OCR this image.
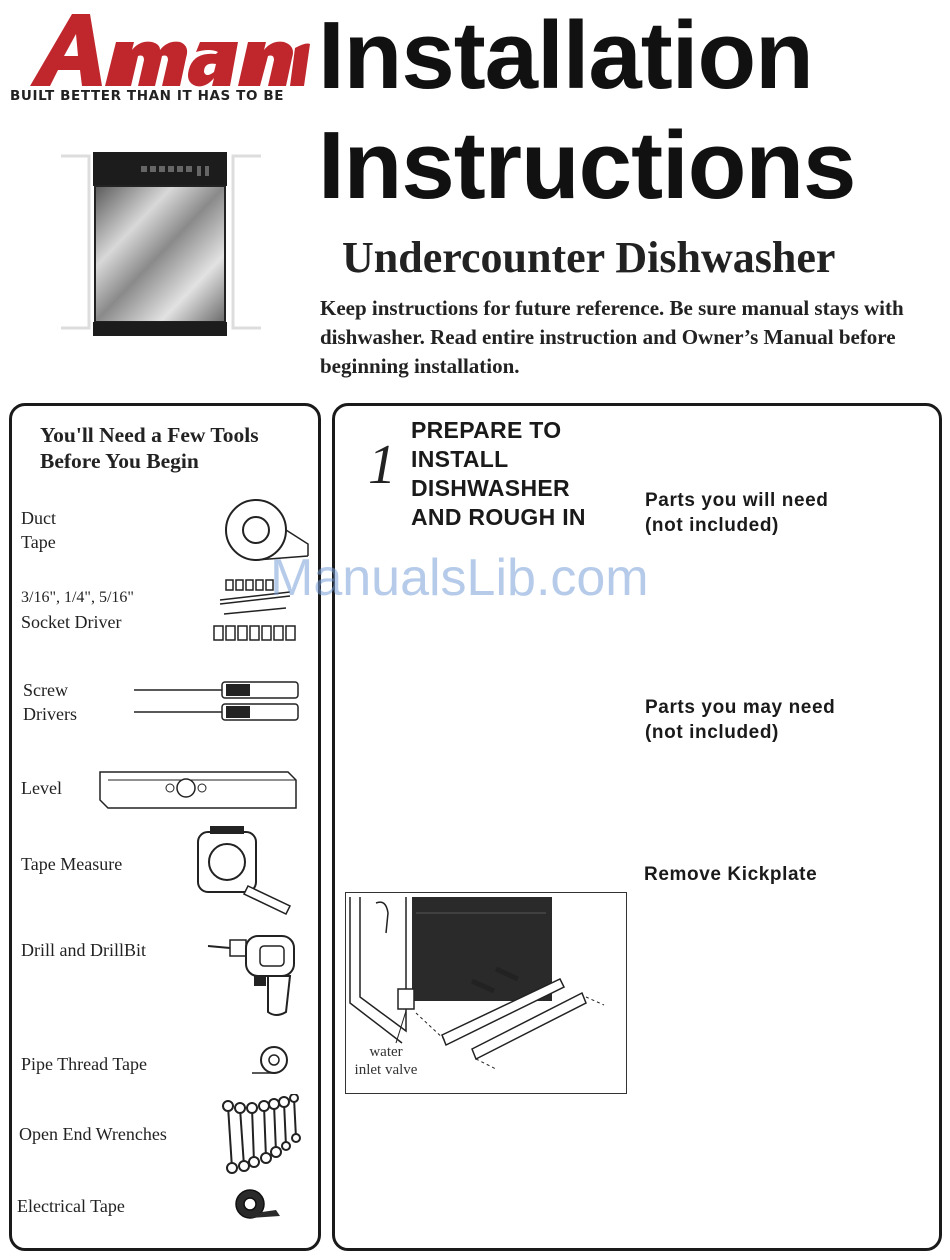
BUILT BETTER THAN IT HAS TO BE Installation
Instructions
Undercounter Dishwasher
Keep instructions for future reference. Be sure manual stays with dishwasher. Read entire instruction and Owner’s Manual before beginning installation.
You'll Need a Few Tools
Before You Begin
Duct
Tape
3/16", 1/4", 5/16"
Socket Driver
Screw
Drivers
Level
Tape Measure
Drill and DrillBit
Pipe Thread Tape
Open End Wrenches
Electrical Tape
1
PREPARE TO
INSTALL
DISHWASHER
AND ROUGH IN
Parts you will need
(not included)
Parts you may need
(not included)
Remove Kickplate
water
inlet valve
ManualsLib.com
